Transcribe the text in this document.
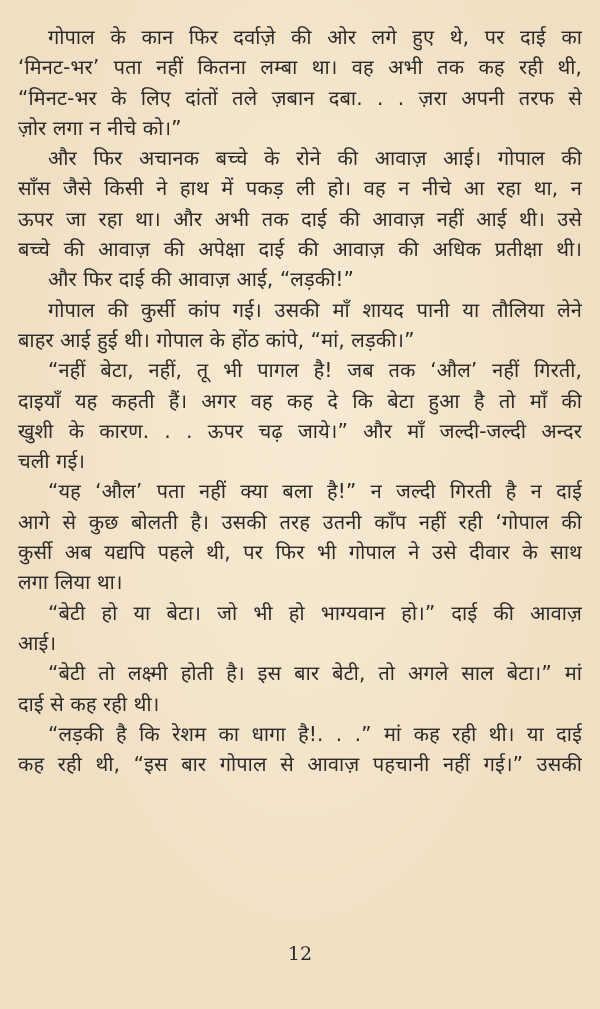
गोपाल के कान फिर दर्वाज़े की ओर लगे हुए थे, पर दाई का
‘मिनट-भर’ पता नहीं कितना लम्बा था। वह अभी तक कह रही थी,
“मिनट-भर के लिए दांतों तले ज़बान दबा. . . ज़रा अपनी तरफ से
ज़ोर लगा न नीचे को।”
और फिर अचानक बच्चे के रोने की आवाज़ आई। गोपाल की
साँस जैसे किसी ने हाथ में पकड़ ली हो। वह न नीचे आ रहा था, न
ऊपर जा रहा था। और अभी तक दाई की आवाज़ नहीं आई थी। उसे
बच्चे की आवाज़ की अपेक्षा दाई की आवाज़ की अधिक प्रतीक्षा थी।
और फिर दाई की आवाज़ आई, “लड़की!”
गोपाल की कुर्सी कांप गई। उसकी माँ शायद पानी या तौलिया लेने
बाहर आई हुई थी। गोपाल के होंठ कांपे, “मां, लड़की।”
“नहीं बेटा, नहीं, तू भी पागल है! जब तक ‘औल’ नहीं गिरती,
दाइयाँ यह कहती हैं। अगर वह कह दे कि बेटा हुआ है तो माँ की
खुशी के कारण. . . ऊपर चढ़ जाये।” और माँ जल्दी-जल्दी अन्दर
चली गई।
“यह ‘औल’ पता नहीं क्या बला है!” न जल्दी गिरती है न दाई
आगे से कुछ बोलती है। उसकी तरह उतनी काँप नहीं रही ‘गोपाल की
कुर्सी अब यद्यपि पहले थी, पर फिर भी गोपाल ने उसे दीवार के साथ
लगा लिया था।
“बेटी हो या बेटा। जो भी हो भाग्यवान हो।” दाई की आवाज़
आई।
“बेटी तो लक्ष्मी होती है। इस बार बेटी, तो अगले साल बेटा।” मां
दाई से कह रही थी।
“लड़की है कि रेशम का धागा है!. . .” मां कह रही थी। या दाई
कह रही थी, “इस बार गोपाल से आवाज़ पहचानी नहीं गई।” उसकी
12
